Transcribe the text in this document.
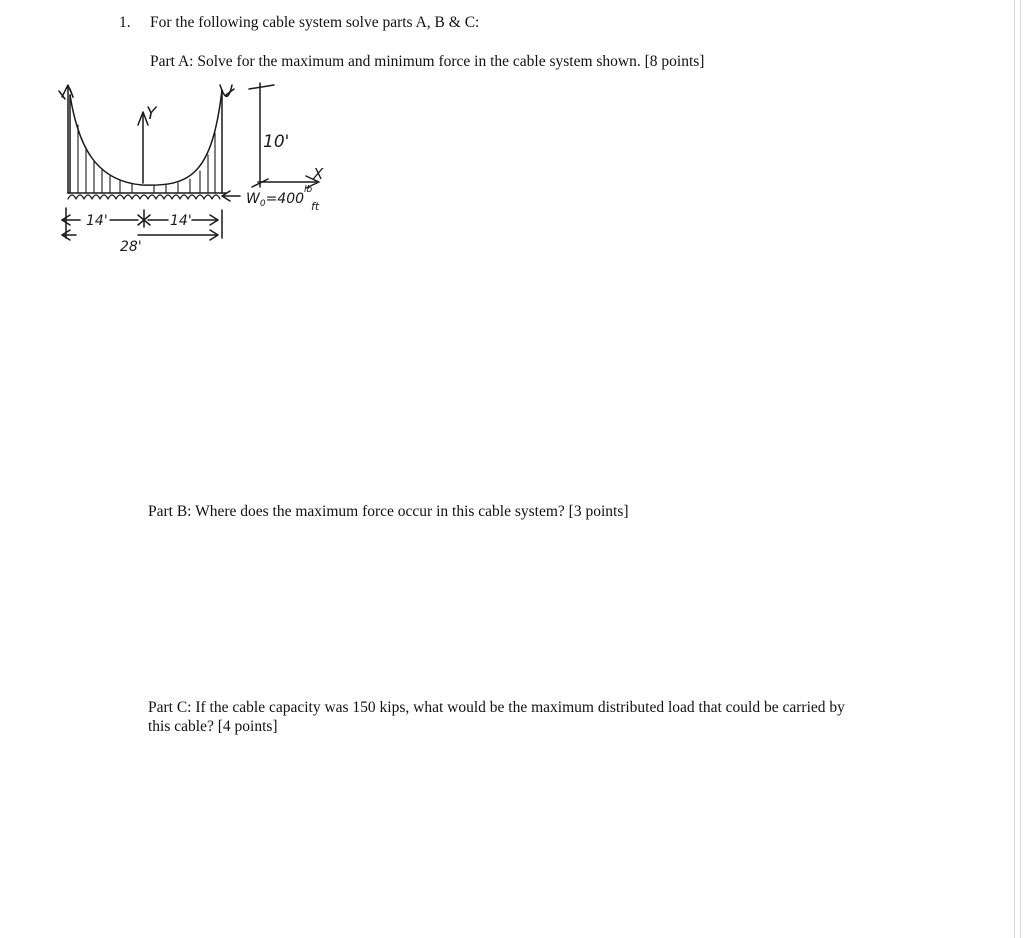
1. For the following cable system solve parts A, B & C:
Part A: Solve for the maximum and minimum force in the cable system shown. [8 points]
Y
X
10'
$W_0=400$
lb
ft
14'	14'
28'
Part B: Where does the maximum force occur in this cable system? [3 points]
Part C: If the cable capacity was 150 kips, what would be the maximum distributed load that could be carried by
this cable? [4 points]
